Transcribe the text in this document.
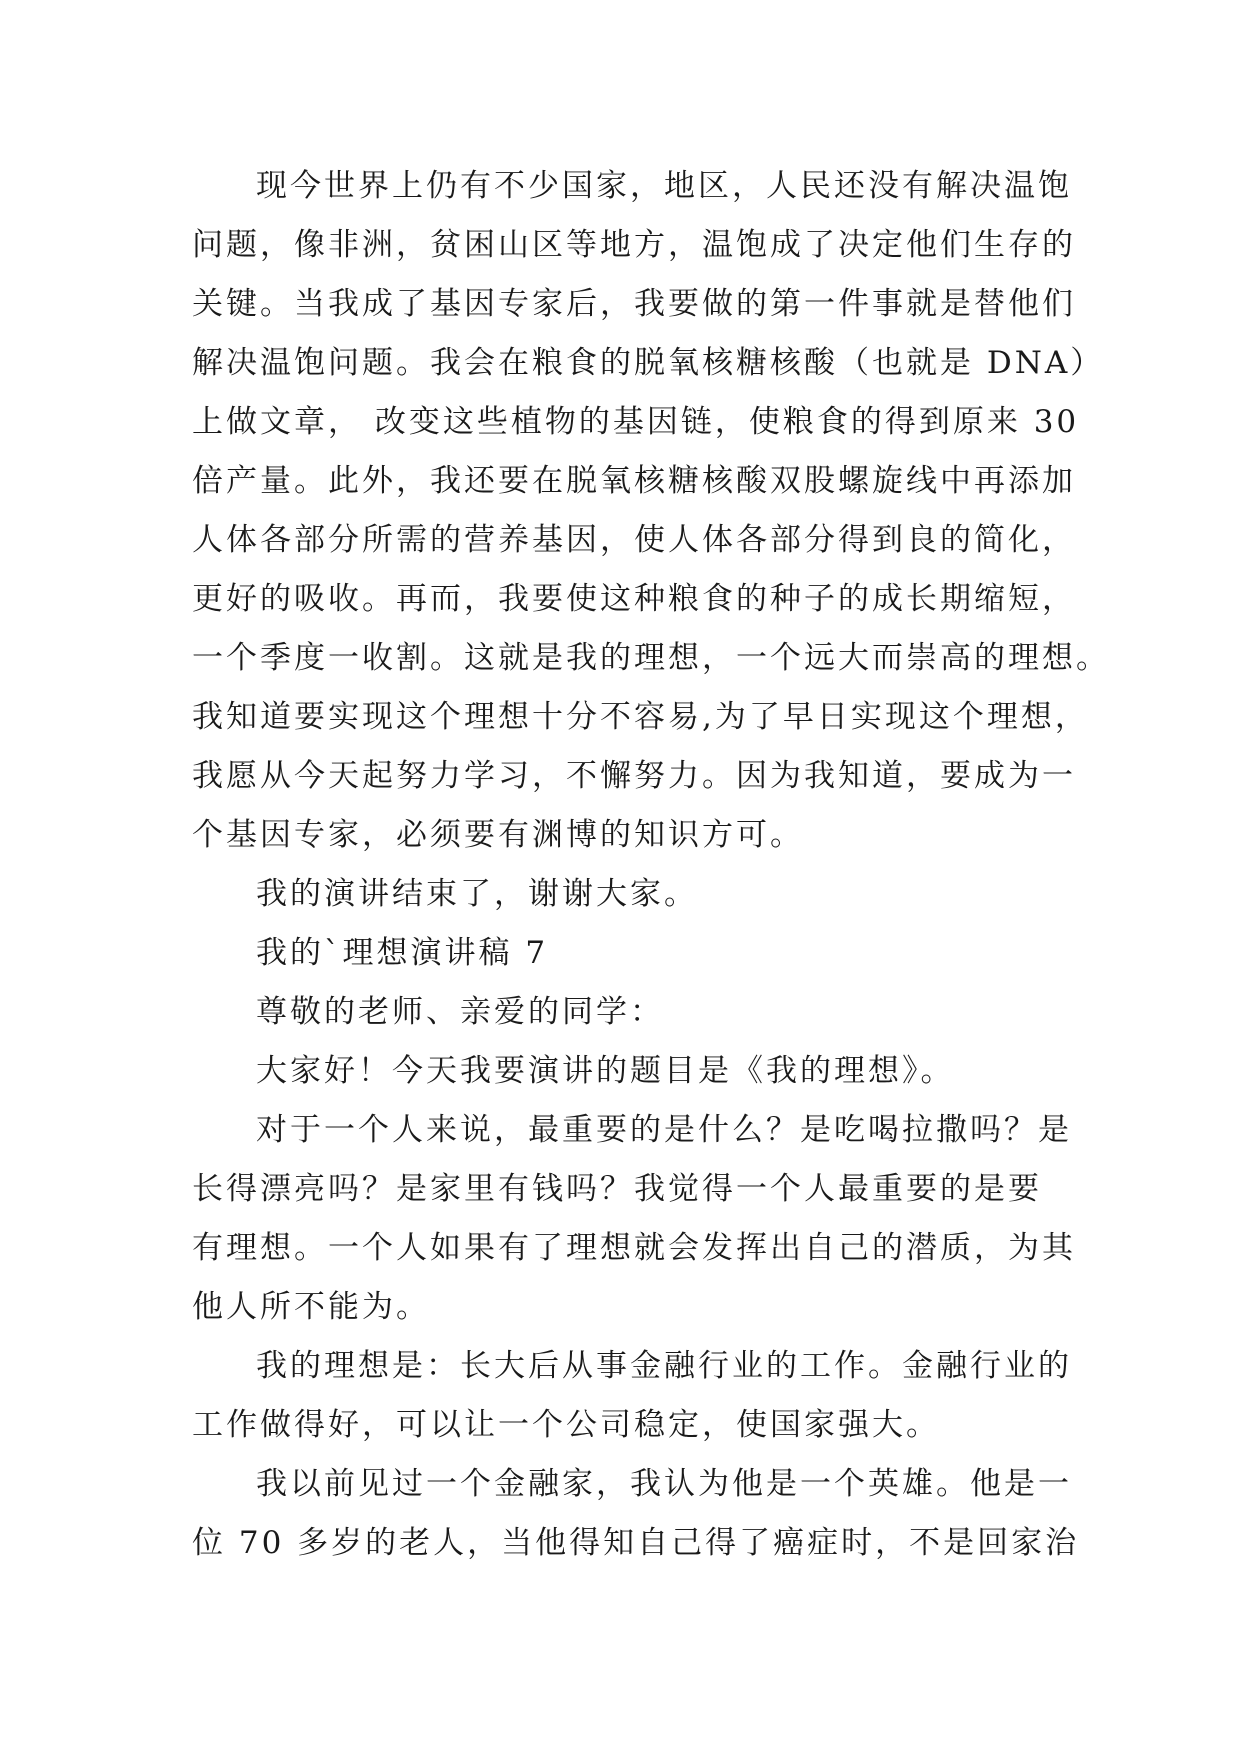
现今世界上仍有不少国家，地区，人民还没有解决温饱
问题，像非洲，贫困山区等地方，温饱成了决定他们生存的
关键。当我成了基因专家后，我要做的第一件事就是替他们
解决温饱问题。我会在粮食的脱氧核糖核酸（也就是 DNA）
上做文章， 改变这些植物的基因链，使粮食的得到原来 30
倍产量。此外，我还要在脱氧核糖核酸双股螺旋线中再添加
人体各部分所需的营养基因，使人体各部分得到良的简化，
更好的吸收。再而，我要使这种粮食的种子的成长期缩短，
一个季度一收割。这就是我的理想，一个远大而崇高的理想。
我知道要实现这个理想十分不容易,为了早日实现这个理想，
我愿从今天起努力学习，不懈努力。因为我知道，要成为一
个基因专家，必须要有渊博的知识方可。
我的演讲结束了，谢谢大家。
我的`理想演讲稿 7
尊敬的老师、亲爱的同学：
大家好！今天我要演讲的题目是《我的理想》。
对于一个人来说，最重要的是什么？是吃喝拉撒吗？是
长得漂亮吗？是家里有钱吗？我觉得一个人最重要的是要
有理想。一个人如果有了理想就会发挥出自己的潜质，为其
他人所不能为。
我的理想是：长大后从事金融行业的工作。金融行业的
工作做得好，可以让一个公司稳定，使国家强大。
我以前见过一个金融家，我认为他是一个英雄。他是一
位 70 多岁的老人，当他得知自己得了癌症时，不是回家治
